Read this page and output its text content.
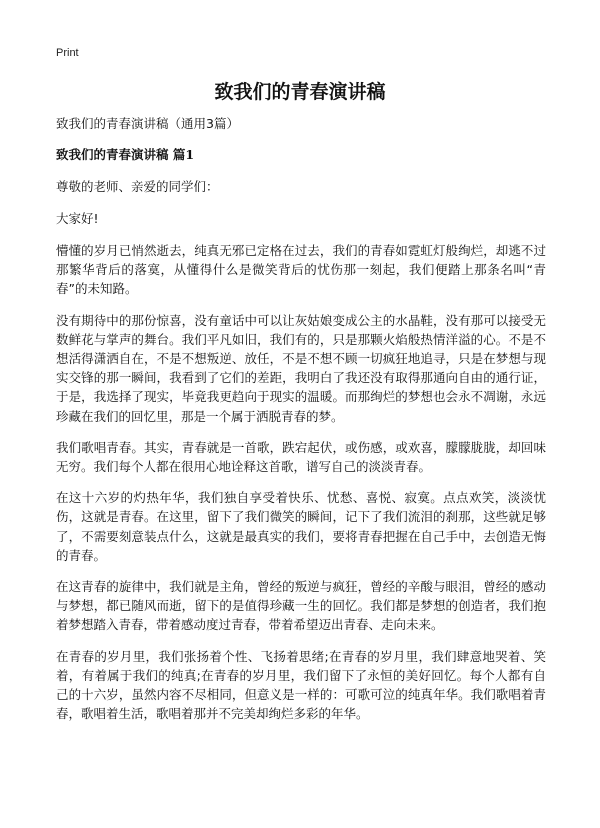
Print
致我们的青春演讲稿
致我们的青春演讲稿（通用3篇）
致我们的青春演讲稿 篇1
尊敬的老师、亲爱的同学们：
大家好!

懵懂的岁月已悄然逝去，纯真无邪已定格在过去，我们的青春如霓虹灯般绚烂，却逃不过那繁华背后的落寞，从懂得什么是微笑背后的忧伤那一刻起，我们便踏上那条名叫“青春”的未知路。

没有期待中的那份惊喜，没有童话中可以让灰姑娘变成公主的水晶鞋，没有那可以接受无数鲜花与掌声的舞台。我们平凡如旧，我们有的，只是那颗火焰般热情洋溢的心。不是不想活得潇洒自在，不是不想叛逆、放任，不是不想不顾一切疯狂地追寻，只是在梦想与现实交锋的那一瞬间，我看到了它们的差距，我明白了我还没有取得那通向自由的通行证，于是，我选择了现实，毕竟我更趋向于现实的温暖。而那绚烂的梦想也会永不凋谢，永远珍藏在我们的回忆里，那是一个属于洒脱青春的梦。

我们歌唱青春。其实，青春就是一首歌，跌宕起伏，或伤感，或欢喜，朦朦胧胧，却回味无穷。我们每个人都在很用心地诠释这首歌，谱写自己的淡淡青春。

在这十六岁的灼热年华，我们独自享受着快乐、忧愁、喜悦、寂寞。点点欢笑，淡淡忧伤，这就是青春。在这里，留下了我们微笑的瞬间，记下了我们流泪的刹那，这些就足够了，不需要刻意装点什么，这就是最真实的我们，要将青春把握在自己手中，去创造无悔的青春。

在这青春的旋律中，我们就是主角，曾经的叛逆与疯狂，曾经的辛酸与眼泪，曾经的感动与梦想，都已随风而逝，留下的是值得珍藏一生的回忆。我们都是梦想的创造者，我们抱着梦想踏入青春，带着感动度过青春，带着希望迈出青春、走向未来。

在青春的岁月里，我们张扬着个性、飞扬着思绪;在青春的岁月里，我们肆意地哭着、笑着，有着属于我们的纯真;在青春的岁月里，我们留下了永恒的美好回忆。每个人都有自己的十六岁，虽然内容不尽相同，但意义是一样的：可歌可泣的纯真年华。我们歌唱着青春，歌唱着生活，歌唱着那并不完美却绚烂多彩的年华。
